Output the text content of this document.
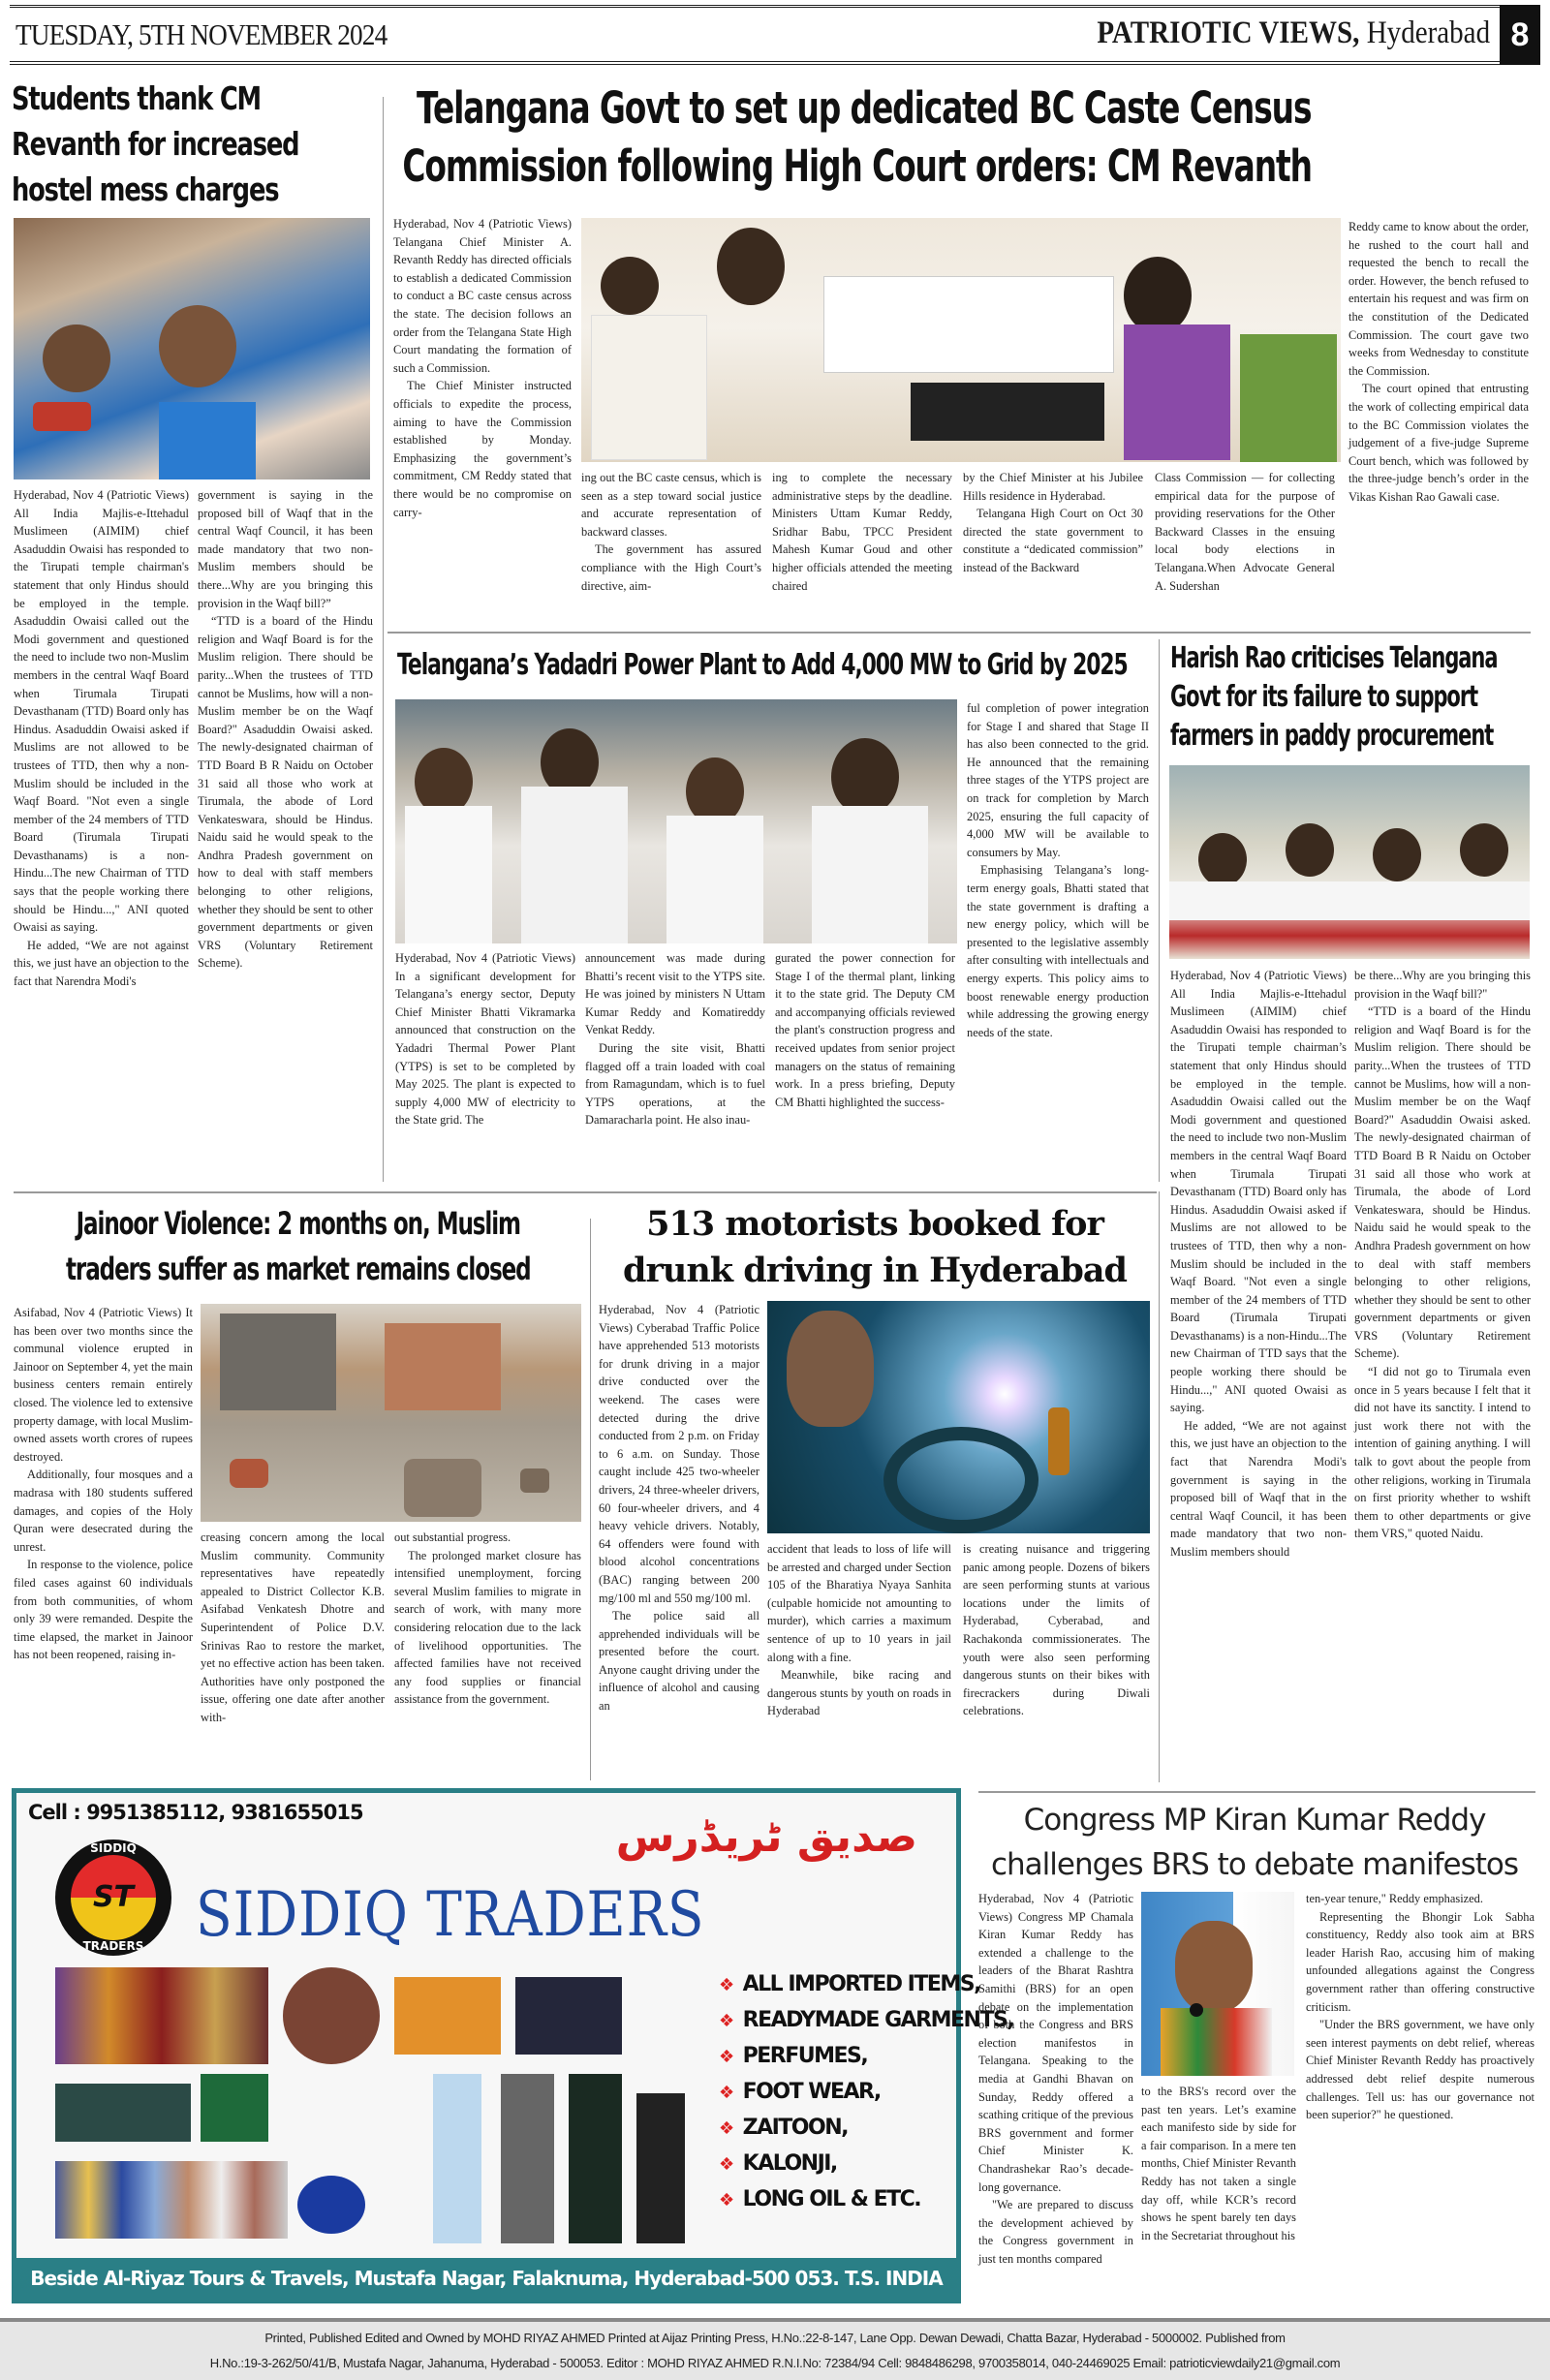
TUESDAY, 5TH NOVEMBER 2024	PATRIOTIC VIEWS, Hyderabad 8
Students thank CM
Revanth for increased
hostel mess charges

Hyderabad, Nov 4 (Patriotic Views) All India Majlis-e-Ittehadul Muslimeen (AIMIM) chief Asaduddin Owaisi has responded to the Tirupati temple chairman's statement that only Hindus should be employed in the temple. Asaduddin Owaisi called out the Modi government and questioned the need to include two non-Muslim members in the central Waqf Board when Tirumala Tirupati Devasthanam (TTD) Board only has Hindus. Asaduddin Owaisi asked if Muslims are not allowed to be trustees of TTD, then why a non-Muslim should be included in the Waqf Board. "Not even a single member of the 24 members of TTD Board (Tirumala Tirupati Devasthanams) is a non-Hindu...The new Chairman of TTD says that the people working there should be Hindu...," ANI quoted Owaisi as saying.

He added, “We are not against this, we just have an objection to the fact that Narendra Modi's

government is saying in the proposed bill of Waqf that in the central Waqf Council, it has been made mandatory that two non-Muslim members should be there...Why are you bringing this provision in the Waqf bill?”

“TTD is a board of the Hindu religion and Waqf Board is for the Muslim religion. There should be parity...When the trustees of TTD cannot be Muslims, how will a non-Muslim member be on the Waqf Board?" Asaduddin Owaisi asked. The newly-designated chairman of TTD Board B R Naidu on October 31 said all those who work at Tirumala, the abode of Lord Venkateswara, should be Hindus. Naidu said he would speak to the Andhra Pradesh government on how to deal with staff members belonging to other religions, whether they should be sent to other government departments or given VRS (Voluntary Retirement Scheme).

Telangana Govt to set up dedicated BC Caste Census
Commission following High Court orders: CM Revanth

Hyderabad, Nov 4 (Patriotic Views) Telangana Chief Minister A. Revanth Reddy has directed officials to establish a dedicated Commission to conduct a BC caste census across the state. The decision follows an order from the Telangana State High Court mandating the formation of such a Commission.

The Chief Minister instructed officials to expedite the process, aiming to have the Commission established by Monday. Emphasizing the government’s commitment, CM Reddy stated that there would be no compromise on carry-

ing out the BC caste census, which is seen as a step toward social justice and accurate representation of backward classes.

The government has assured compliance with the High Court’s directive, aim-

ing to complete the necessary administrative steps by the deadline. Ministers Uttam Kumar Reddy, Sridhar Babu, TPCC President Mahesh Kumar Goud and other higher officials attended the meeting chaired

by the Chief Minister at his Jubilee Hills residence in Hyderabad.

Telangana High Court on Oct 30 directed the state government to constitute a “dedicated commission” instead of the Backward

Class Commission — for collecting empirical data for the purpose of providing reservations for the Other Backward Classes in the ensuing local body elections in Telangana.When Advocate General A. Sudershan

Reddy came to know about the order, he rushed to the court hall and requested the bench to recall the order. However, the bench refused to entertain his request and was firm on the constitution of the Dedicated Commission. The court gave two weeks from Wednesday to constitute the Commission.

The court opined that entrusting the work of collecting empirical data to the BC Commission violates the judgement of a five-judge Supreme Court bench, which was followed by the three-judge bench’s order in the Vikas Kishan Rao Gawali case.

Telangana’s Yadadri Power Plant to Add 4,000 MW to Grid by 2025

Hyderabad, Nov 4 (Patriotic Views) In a significant development for Telangana’s energy sector, Deputy Chief Minister Bhatti Vikramarka announced that construction on the Yadadri Thermal Power Plant (YTPS) is set to be completed by May 2025. The plant is expected to supply 4,000 MW of electricity to the State grid. The

announcement was made during Bhatti’s recent visit to the YTPS site. He was joined by ministers N Uttam Kumar Reddy and Komatireddy Venkat Reddy.

During the site visit, Bhatti flagged off a train loaded with coal from Ramagundam, which is to fuel YTPS operations, at the Damaracharla point. He also inau-

gurated the power connection for Stage I of the thermal plant, linking it to the state grid. The Deputy CM and accompanying officials reviewed the plant's construction progress and received updates from senior project managers on the status of remaining work. In a press briefing, Deputy CM Bhatti highlighted the success-

ful completion of power integration for Stage I and shared that Stage II has also been connected to the grid. He announced that the remaining three stages of the YTPS project are on track for completion by March 2025, ensuring the full capacity of 4,000 MW will be available to consumers by May.

Emphasising Telangana’s long-term energy goals, Bhatti stated that the state government is drafting a new energy policy, which will be presented to the legislative assembly after consulting with intellectuals and energy experts. This policy aims to boost renewable energy production while addressing the growing energy needs of the state.

Harish Rao criticises Telangana
Govt for its failure to support
farmers in paddy procurement

Hyderabad, Nov 4 (Patriotic Views) All India Majlis-e-Ittehadul Muslimeen (AIMIM) chief Asaduddin Owaisi has responded to the Tirupati temple chairman’s statement that only Hindus should be employed in the temple. Asaduddin Owaisi called out the Modi government and questioned the need to include two non-Muslim members in the central Waqf Board when Tirumala Tirupati Devasthanam (TTD) Board only has Hindus. Asaduddin Owaisi asked if Muslims are not allowed to be trustees of TTD, then why a non-Muslim should be included in the Waqf Board. "Not even a single member of the 24 members of TTD Board (Tirumala Tirupati Devasthanams) is a non-Hindu...The new Chairman of TTD says that the people working there should be Hindu...," ANI quoted Owaisi as saying.

He added, “We are not against this, we just have an objection to the fact that Narendra Modi's government is saying in the proposed bill of Waqf that in the central Waqf Council, it has been made mandatory that two non-Muslim members should

be there...Why are you bringing this provision in the Waqf bill?"

“TTD is a board of the Hindu religion and Waqf Board is for the Muslim religion. There should be parity...When the trustees of TTD cannot be Muslims, how will a non-Muslim member be on the Waqf Board?" Asaduddin Owaisi asked. The newly-designated chairman of TTD Board B R Naidu on October 31 said all those who work at Tirumala, the abode of Lord Venkateswara, should be Hindus. Naidu said he would speak to the Andhra Pradesh government on how to deal with staff members belonging to other religions, whether they should be sent to other government departments or given VRS (Voluntary Retirement Scheme).

“I did not go to Tirumala even once in 5 years because I felt that it did not have its sanctity. I intend to just work there not with the intention of gaining anything. I will talk to govt about the people from other religions, working in Tirumala on first priority whether to wshift them to other departments or give them VRS," quoted Naidu.

Jainoor Violence: 2 months on, Muslim
traders suffer as market remains closed

Asifabad, Nov 4 (Patriotic Views) It has been over two months since the communal violence erupted in Jainoor on September 4, yet the main business centers remain entirely closed. The violence led to extensive property damage, with local Muslim-owned assets worth crores of rupees destroyed.

Additionally, four mosques and a madrasa with 180 students suffered damages, and copies of the Holy Quran were desecrated during the unrest.

In response to the violence, police filed cases against 60 individuals from both communities, of whom only 39 were remanded. Despite the time elapsed, the market in Jainoor has not been reopened, raising in-

creasing concern among the local Muslim community. Community representatives have repeatedly appealed to District Collector K.B. Asifabad Venkatesh Dhotre and Superintendent of Police D.V. Srinivas Rao to restore the market, yet no effective action has been taken. Authorities have only postponed the issue, offering one date after another with-

out substantial progress.

The prolonged market closure has intensified unemployment, forcing several Muslim families to migrate in search of work, with many more considering relocation due to the lack of livelihood opportunities. The affected families have not received any food supplies or financial assistance from the government.

513 motorists booked for
drunk driving in Hyderabad

Hyderabad, Nov 4 (Patriotic Views) Cyberabad Traffic Police have apprehended 513 motorists for drunk driving in a major drive conducted over the weekend. The cases were detected during the drive conducted from 2 p.m. on Friday to 6 a.m. on Sunday. Those caught include 425 two-wheeler drivers, 24 three-wheeler drivers, 60 four-wheeler drivers, and 4 heavy vehicle drivers. Notably, 64 offenders were found with blood alcohol concentrations (BAC) ranging between 200 mg/100 ml and 550 mg/100 ml.

The police said all apprehended individuals will be presented before the court. Anyone caught driving under the influence of alcohol and causing an

accident that leads to loss of life will be arrested and charged under Section 105 of the Bharatiya Nyaya Sanhita (culpable homicide not amounting to murder), which carries a maximum sentence of up to 10 years in jail along with a fine.

Meanwhile, bike racing and dangerous stunts by youth on roads in Hyderabad

is creating nuisance and triggering panic among people. Dozens of bikers are seen performing stunts at various locations under the limits of Hyderabad, Cyberabad, and Rachakonda commissionerates. The youth were also seen performing dangerous stunts on their bikes with firecrackers during Diwali celebrations.

Cell : 9951385112, 9381655015	صدیق ٹریڈرس
SIDDIQ
ST
TRADERS SIDDIQ TRADERS
❖ ALL IMPORTED ITEMS,
❖ READYMADE GARMENTS,
❖ PERFUMES,
❖ FOOT WEAR,
❖ ZAITOON,
❖ KALONJI,
❖ LONG OIL & ETC.
Beside Al-Riyaz Tours & Travels, Mustafa Nagar, Falaknuma, Hyderabad-500 053. T.S. INDIA
Congress MP Kiran Kumar Reddy
challenges BRS to debate manifestos

Hyderabad, Nov 4 (Patriotic Views) Congress MP Chamala Kiran Kumar Reddy has extended a challenge to the leaders of the Bharat Rashtra Samithi (BRS) for an open debate on the implementation of both the Congress and BRS election manifestos in Telangana. Speaking to the media at Gandhi Bhavan on Sunday, Reddy offered a scathing critique of the previous BRS government and former Chief Minister K. Chandrashekar Rao’s decade-long governance.

"We are prepared to discuss the development achieved by the Congress government in just ten months compared

to the BRS's record over the past ten years. Let’s examine each manifesto side by side for a fair comparison. In a mere ten months, Chief Minister Revanth Reddy has not taken a single day off, while KCR’s record shows he spent barely ten days in the Secretariat throughout his

ten-year tenure," Reddy emphasized.

Representing the Bhongir Lok Sabha constituency, Reddy also took aim at BRS leader Harish Rao, accusing him of making unfounded allegations against the Congress government rather than offering constructive criticism.

"Under the BRS government, we have only seen interest payments on debt relief, whereas Chief Minister Revanth Reddy has proactively addressed debt relief despite numerous challenges. Tell us: has our governance not been superior?" he questioned.

Printed, Published Edited and Owned by MOHD RIYAZ AHMED Printed at Aijaz Printing Press, H.No.:22-8-147, Lane Opp. Dewan Dewadi, Chatta Bazar, Hyderabad - 5000002. Published from
H.No.:19-3-262/50/41/B, Mustafa Nagar, Jahanuma, Hyderabad - 500053. Editor : MOHD RIYAZ AHMED R.N.I.No: 72384/94 Cell: 9848486298, 9700358014, 040-24469025 Email: patrioticviewdaily21@gmail.com
